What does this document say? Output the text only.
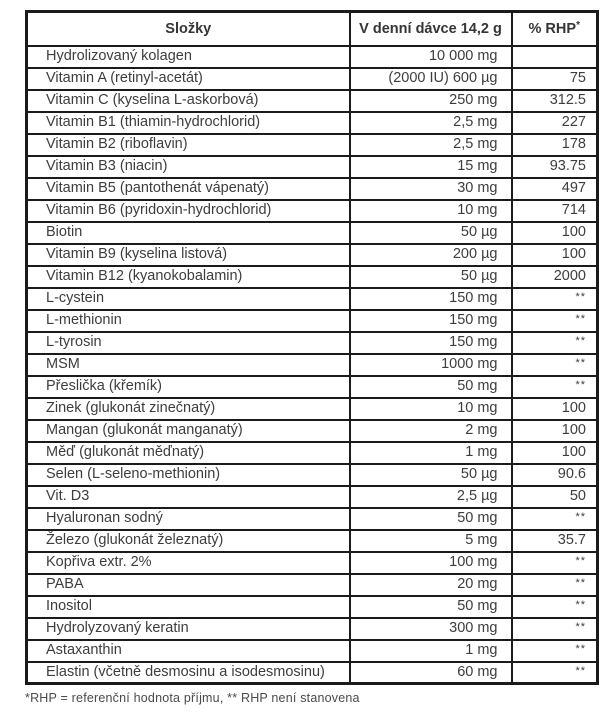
Složky	V denní dávce 14,2 g	% RHP*
Hydrolizovaný kolagen	10 000 mg	
Vitamin A (retinyl-acetát)	(2000 IU) 600 µg	75
Vitamin C (kyselina L-askorbová)	250 mg	312.5
Vitamin B1 (thiamin-hydrochlorid)	2,5 mg	227
Vitamin B2 (riboflavin)	2,5 mg	178
Vitamin B3 (niacin)	15 mg	93.75
Vitamin B5 (pantothenát vápenatý)	30 mg	497
Vitamin B6 (pyridoxin-hydrochlorid)	10 mg	714
Biotin	50 µg	100
Vitamin B9 (kyselina listová)	200 µg	100
Vitamin B12 (kyanokobalamin)	50 µg	2000
L-cystein	150 mg	**
L-methionin	150 mg	**
L-tyrosin	150 mg	**
MSM	1000 mg	**
Přeslička (křemík)	50 mg	**
Zinek (glukonát zinečnatý)	10 mg	100
Mangan (glukonát manganatý)	2 mg	100
Měď (glukonát měďnatý)	1 mg	100
Selen (L-seleno-methionin)	50 µg	90.6
Vit. D3	2,5 µg	50
Hyaluronan sodný	50 mg	**
Železo (glukonát železnatý)	5 mg	35.7
Kopřiva extr. 2%	100 mg	**
PABA	20 mg	**
Inositol	50 mg	**
Hydrolyzovaný keratin	300 mg	**
Astaxanthin	1 mg	**
Elastin (včetně desmosinu a isodesmosinu)	60 mg	**
*RHP = referenční hodnota příjmu, ** RHP není stanovena
